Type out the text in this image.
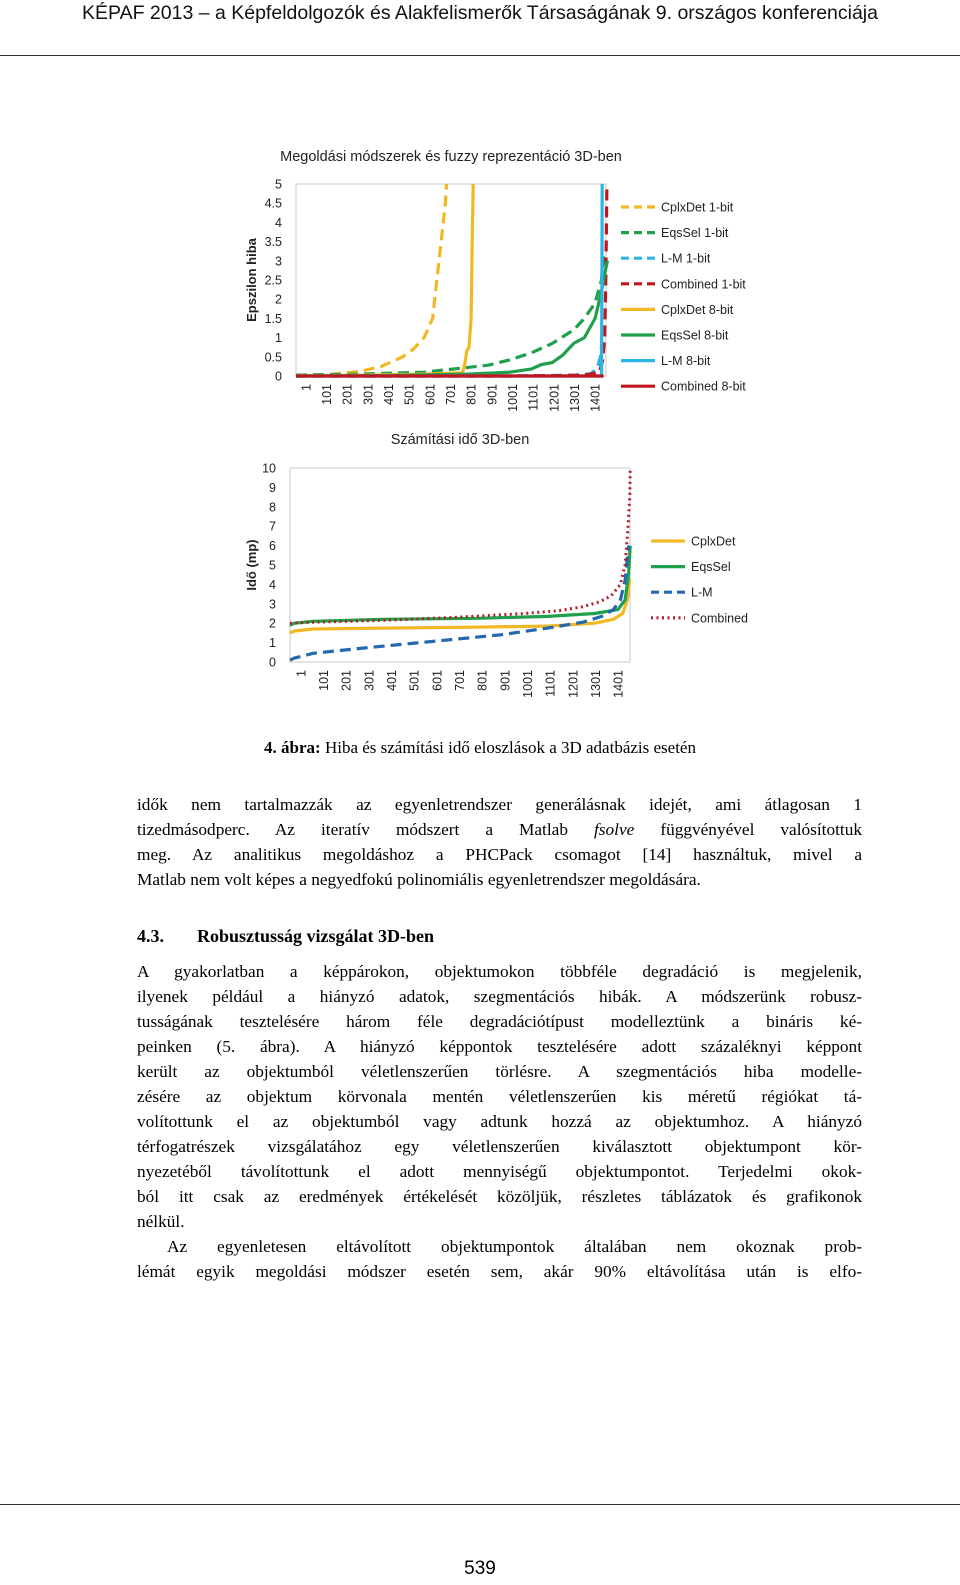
KÉPAF 2013 – a Képfeldolgozók és Alakfelismerők Társaságának 9. országos konferenciája
Megoldási módszerek és fuzzy reprezentáció 3D-ben
Epszilon hiba
5
4.5
4
3.5
3
2.5
2
1.5
1
0.5
0
1 101 201 301 401 501 601 701 801 901 1001 1101 1201 1301 1401
CplxDet 1-bit
EqsSel 1-bit
L-M 1-bit
Combined 1-bit
CplxDet 8-bit
EqsSel 8-bit
L-M 8-bit
Combined 8-bit
Számítási idő 3D-ben
Idő (mp)
10
9
8
7
6
5
4
3
2
1
0
1 101 201 301 401 501 601 701 801 901 1001 1101 1201 1301 1401
CplxDet
EqsSel
L-M
Combined
4. ábra: Hiba és számítási idő eloszlások a 3D adatbázis esetén
idők nem tartalmazzák az egyenletrendszer generálásnak idejét, ami átlagosan 1
tizedmásodperc. Az iteratív módszert a Matlab fsolve függvényével valósítottuk
meg. Az analitikus megoldáshoz a PHCPack csomagot [14] használtuk, mivel a
Matlab nem volt képes a negyedfokú polinomiális egyenletrendszer megoldására.
4.3. Robusztusság vizsgálat 3D-ben
A gyakorlatban a képpárokon, objektumokon többféle degradáció is megjelenik,
ilyenek például a hiányzó adatok, szegmentációs hibák. A módszerünk robusz-
tusságának tesztelésére három féle degradációtípust modelleztünk a bináris ké-
peinken (5. ábra). A hiányzó képpontok tesztelésére adott százaléknyi képpont
került az objektumból véletlenszerűen törlésre. A szegmentációs hiba modelle-
zésére az objektum körvonala mentén véletlenszerűen kis méretű régiókat tá-
volítottunk el az objektumból vagy adtunk hozzá az objektumhoz. A hiányzó
térfogatrészek vizsgálatához egy véletlenszerűen kiválasztott objektumpont kör-
nyezetéből távolítottunk el adott mennyiségű objektumpontot. Terjedelmi okok-
ból itt csak az eredmények értékelését közöljük, részletes táblázatok és grafikonok
nélkül.
Az egyenletesen eltávolított objektumpontok általában nem okoznak prob-
lémát egyik megoldási módszer esetén sem, akár 90% eltávolítása után is elfo-
539
